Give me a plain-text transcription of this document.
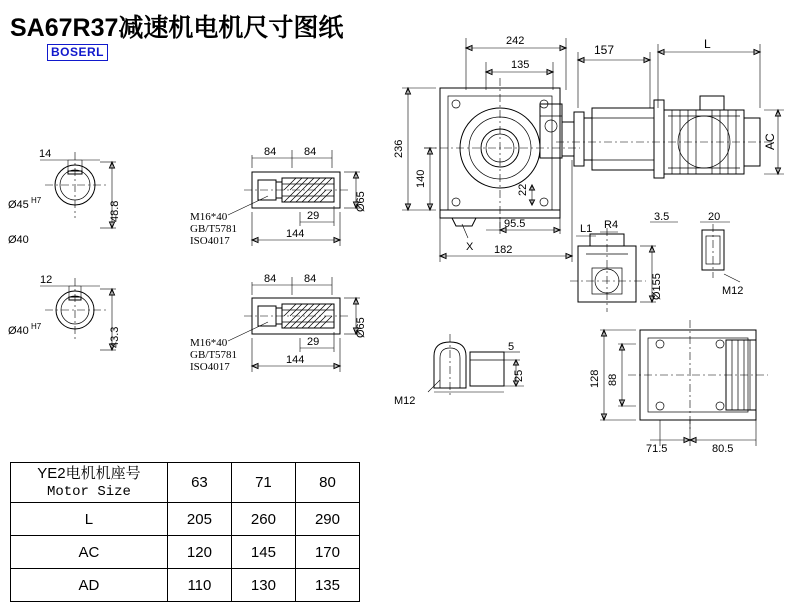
SA67R37减速机电机尺寸图纸
BOSERL
14
Ø45 H7
Ø40
48.8
12
Ø40 H7
43.3
84	84
Ø65
29
144
M16*40
GB/T5781
ISO4017
84	84
Ø65
29
144
M16*40
GB/T5781
ISO4017
242
135
157	L
236
140
22
X
95.5
182
AC
L1 R4
3.5	20
Ø155	M12
128 88
71.5	80.5
5
25
M12
YE2电机机座号
Motor Size	63	71	80
L	205	260	290
AC	120	145	170
AD	110	130	135
